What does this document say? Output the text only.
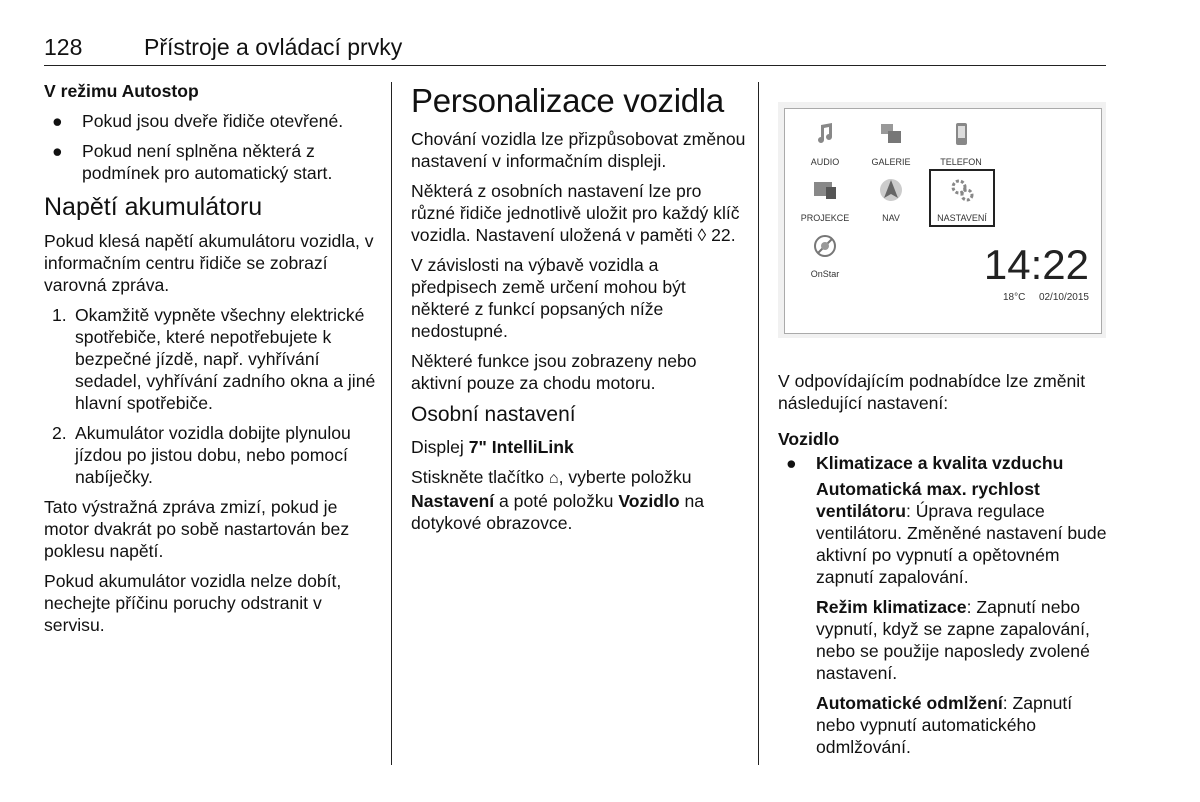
128	Přístroje a ovládací prvky

V režimu Autostop

● Pokud jsou dveře řidiče otevřené.
● Pokud není splněna některá z podmínek pro automatický start.

Napětí akumulátoru

Pokud klesá napětí akumulátoru vozidla, v informačním centru řidiče se zobrazí varovná zpráva.

1. Okamžitě vypněte všechny elektrické spotřebiče, které nepotřebujete k bezpečné jízdě, např. vyhřívání sedadel, vyhřívání zadního okna a jiné hlavní spotřebiče.
2. Akumulátor vozidla dobijte plynulou jízdou po jistou dobu, nebo pomocí nabíječky.

Tato výstražná zpráva zmizí, pokud je motor dvakrát po sobě nastartován bez poklesu napětí.

Pokud akumulátor vozidla nelze dobít, nechejte příčinu poruchy odstranit v servisu.

Personalizace vozidla

Chování vozidla lze přizpůsobovat změnou nastavení v informačním displeji.

Některá z osobních nastavení lze pro různé řidiče jednotlivě uložit pro každý klíč vozidla. Nastavení uložená v paměti ◊ 22.

V závislosti na výbavě vozidla a předpisech země určení mohou být některé z funkcí popsaných níže nedostupné.

Některé funkce jsou zobrazeny nebo aktivní pouze za chodu motoru.

Osobní nastavení

Displej 7" IntelliLink

Stiskněte tlačítko ⌂, vyberte položku Nastavení a poté položku Vozidlo na dotykové obrazovce.

AUDIO	GALERIE	TELEFON
PROJEKCE	NAV	NASTAVENÍ
OnStar	14:22
18°C 02/10/2015

V odpovídajícím podnabídce lze změnit následující nastavení:

Vozidlo

● Klimatizace a kvalita vzduchu

Automatická max. rychlost ventilátoru: Úprava regulace ventilátoru. Změněné nastavení bude aktivní po vypnutí a opětovném zapnutí zapalování.

Režim klimatizace: Zapnutí nebo vypnutí, když se zapne zapalování, nebo se použije naposledy zvolené nastavení.

Automatické odmlžení: Zapnutí nebo vypnutí automatického odmlžování.
